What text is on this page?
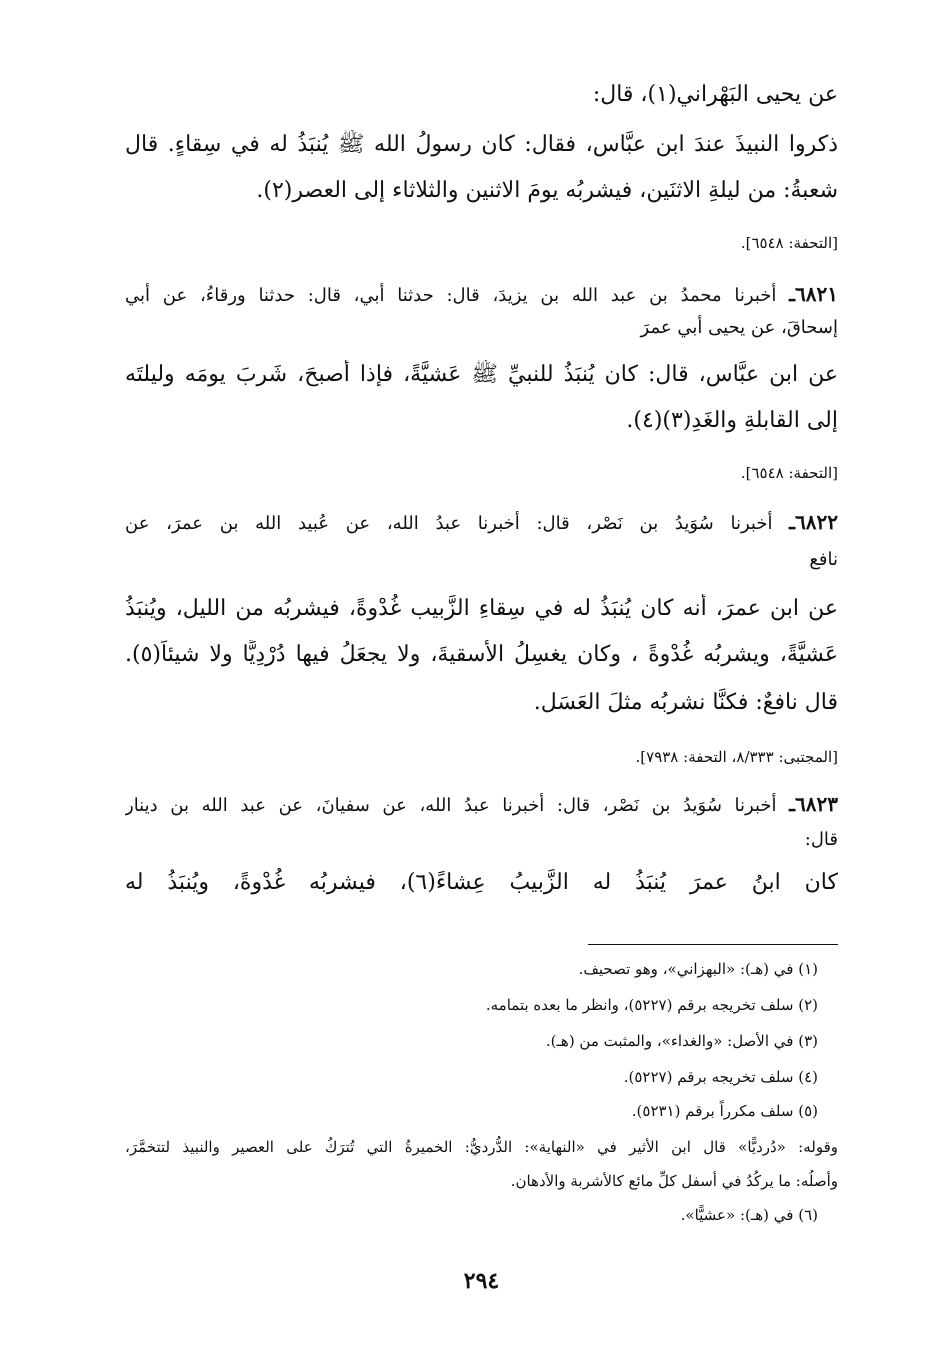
عن يحيى البَهْراني(١)، قال:
ذكروا النبيذَ عندَ ابن عبَّاس، فقال: كان رسولُ الله ﷺ يُنبَذُ له في سِقاءٍ. قال
شعبةُ: من ليلةِ الاثنَين، فيشربُه يومَ الاثنين والثلاثاء إلى العصر(٢).
[التحفة: ٦٥٤٨].
٦٨٢١ـ أخبرنا محمدُ بن عبد الله بن يزيدَ، قال: حدثنا أبي، قال: حدثنا ورقاءُ، عن أبي
إسحاقَ، عن يحيى أبي عمرَ
عن ابن عبَّاس، قال: كان يُنبَذُ للنبيِّ ﷺ عَشيَّةً، فإذا أصبحَ، شَربَ يومَه وليلتَه
إلى القابلةِ والغَدِ(٣)(٤).
[التحفة: ٦٥٤٨].
٦٨٢٢ـ أخبرنا سُوَيدُ بن نَصْر، قال: أخبرنا عبدُ الله، عن عُبيد الله بن عمرَ، عن
نافع
عن ابن عمرَ، أنه كان يُنبَذُ له في سِقاءِ الزَّبيب غُدْوةً، فيشربُه من الليل، ويُنبَذُ
عَشيَّةً، ويشربُه غُدْوةً ، وكان يغسِلُ الأسقيةَ، ولا يجعَلُ فيها دُرْدِيًّا ولا شيئاً(٥).
قال نافعٌ: فكنَّا نشربُه مثلَ العَسَل.
[المجتبى: ٨/٣٣٣، التحفة: ٧٩٣٨].
٦٨٢٣ـ أخبرنا سُوَيدُ بن نَصْر، قال: أخبرنا عبدُ الله، عن سفيانَ، عن عبد الله بن دينار
قال:
كان ابنُ عمرَ يُنبَذُ له الزَّبيبُ عِشاءً(٦)، فيشربُه غُدْوةً، ويُنبَذُ له
(١) في (هـ): «البهزاني»، وهو تصحيف.
(٢) سلف تخريجه برقم (٥٢٢٧)، وانظر ما بعده بتمامه.
(٣) في الأصل: «والغداء»، والمثبت من (هـ).
(٤) سلف تخريجه برقم (٥٢٢٧).
(٥) سلف مكرراً برقم (٥٢٣١).
وقوله: «دُرديًّا» قال ابن الأثير في «النهاية»: الدُّرديُّ: الخميرةُ التي تُترَكُ على العصير والنبيذ لتتخمَّرَ،
وأصلُه: ما يركُدُ في أسفل كلِّ مائع كالأشربة والأدهان.
(٦) في (هـ): «عشيًّا».
٢٩٤
